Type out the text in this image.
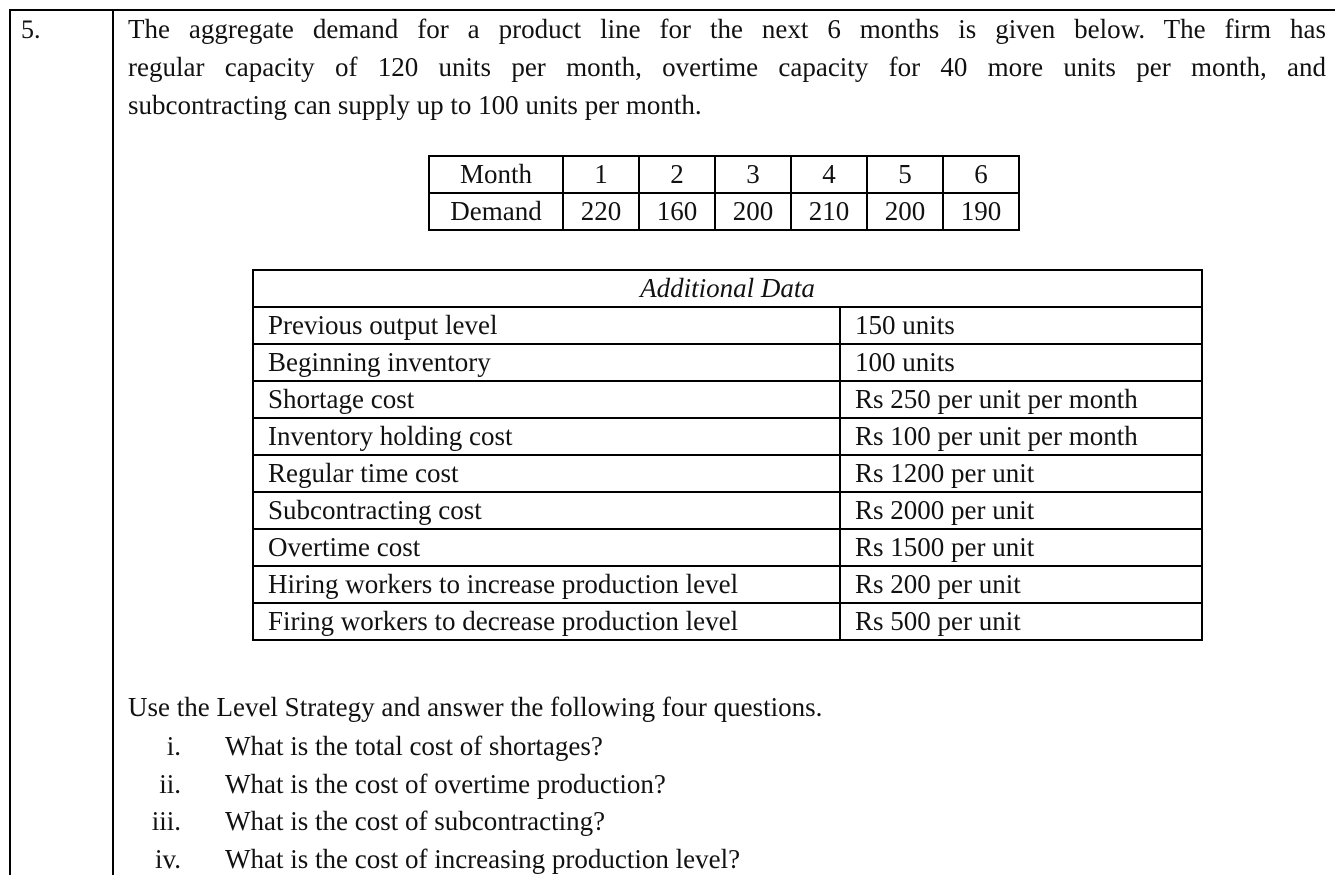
5.	The aggregate demand for a product line for the next 6 months is given below. The firm has
regular capacity of 120 units per month, overtime capacity for 40 more units per month, and
subcontracting can supply up to 100 units per month.
Month	1	2	3	4	5	6
Demand	220	160	200	210	200	190
Additional Data	
Previous output level	150 units
Beginning inventory	100 units
Shortage cost	Rs 250 per unit per month
Inventory holding cost	Rs 100 per unit per month
Regular time cost	Rs 1200 per unit
Subcontracting cost	Rs 2000 per unit
Overtime cost	Rs 1500 per unit
Hiring workers to increase production level	Rs 200 per unit
Firing workers to decrease production level	Rs 500 per unit
Use the Level Strategy and answer the following four questions.
i. What is the total cost of shortages?
ii. What is the cost of overtime production?
iii. What is the cost of subcontracting?
iv. What is the cost of increasing production level?
